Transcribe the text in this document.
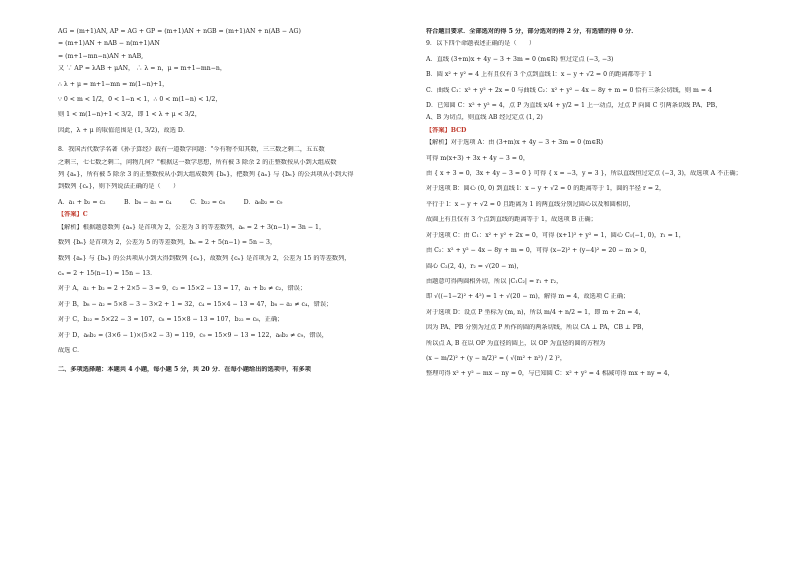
AG = (m+1)AN, AP = AG + GP = (m+1)AN + nGB = (m+1)AN + n(AB − AG)
= (m+1)AN + nAB − n(m+1)AN
= (m+1−mn−n)AN + nAB,
又 ∵ AP = λAB + μAN， ∴ λ = n，μ = m+1−mn−n，
∴ λ + μ = m+1−mn = m(1−n)+1，
∵ 0 < m < 1/2，0 < 1−n < 1，∴ 0 < m(1−n) < 1/2，
则 1 < m(1−n)+1 < 3/2，即 1 < λ + μ < 3/2，
因此，λ + μ 的取值范围是 (1, 3/2)，故选 D．
8．我国古代数学名著《孙子算经》载有一道数学问题："今有物不知其数，三三数之剩二，五五数
之剩三，七七数之剩二，问物几何？"根据这一数学思想，所有被 3 除余 2 的正整数按从小到大组成数
列 {aₙ}，所有被 5 除余 3 的正整数按从小到大组成数列 {bₙ}，把数列 {aₙ} 与 {bₙ} 的公共项从小到大得
到数列 {cₙ}，则下列说法正确的是（　　）
A．a₁ + b₂ = c₂　　　B．b₈ − a₂ = c₄　　　C．b₂₂ = c₈　　　D．a₆b₂ = c₉
【答案】C
【解析】根据题意数列 {aₙ} 是首项为 2，公差为 3 的等差数列，aₙ = 2 + 3(n−1) = 3n − 1，
数列 {bₙ} 是首项为 2，公差为 5 的等差数列，bₙ = 2 + 5(n−1) = 5n − 3，
数列 {aₙ} 与 {bₙ} 的公共项从小到大得到数列 {cₙ}，故数列 {cₙ} 是首项为 2，公差为 15 的等差数列，
cₙ = 2 + 15(n−1) = 15n − 13．
对于 A，a₁ + b₂ = 2 + 2×5 − 3 = 9，c₂ = 15×2 − 13 = 17，a₁ + b₂ ≠ c₂，错误；
对于 B，b₈ − a₂ = 5×8 − 3 − 3×2 + 1 = 32，c₄ = 15×4 − 13 = 47，b₈ − a₂ ≠ c₄，错误；
对于 C，b₂₂ = 5×22 − 3 = 107，c₈ = 15×8 − 13 = 107，b₂₂ = c₈，正确；
对于 D，a₆b₂ = (3×6 − 1)×(5×2 − 3) = 119，c₉ = 15×9 − 13 = 122，a₆b₂ ≠ c₉，错误，
故选 C．
二、多项选择题：本题共 4 小题，每小题 5 分，共 20 分．在每小题给出的选项中，有多项
符合题目要求．全部选对的得 5 分，部分选对的得 2 分，有选错的得 0 分．
9．以下四个命题表述正确的是（　　）
A．直线 (3+m)x + 4y − 3 + 3m = 0 (m∈R) 恒过定点 (−3, −3)
B．圆 x² + y² = 4 上有且仅有 3 个点到直线 l：x − y + √2 = 0 的距离都等于 1
C．曲线 C₁：x² + y² + 2x = 0 与曲线 C₂：x² + y² − 4x − 8y + m = 0 恰有三条公切线，则 m = 4
D．已知圆 C：x² + y² = 4，点 P 为直线 x/4 + y/2 = 1 上一动点，过点 P 向圆 C 引两条切线 PA、PB，
A、B 为切点，则直线 AB 经过定点 (1, 2)
【答案】BCD
【解析】对于选项 A：由 (3+m)x + 4y − 3 + 3m = 0 (m∈R)
可得 m(x+3) + 3x + 4y − 3 = 0，
由 { x + 3 = 0，3x + 4y − 3 = 0 } 可得 { x = −3，y = 3 }，所以直线恒过定点 (−3, 3)，故选项 A 不正确；
对于选项 B：圆心 (0, 0) 到直线 l：x − y + √2 = 0 的距离等于 1，圆的半径 r = 2，
平行于 l：x − y + √2 = 0 且距离为 1 的两直线分别过圆心以及和圆相切，
故圆上有且仅有 3 个点到直线的距离等于 1，故选项 B 正确；
对于选项 C：由 C₁：x² + y² + 2x = 0，可得 (x+1)² + y² = 1，圆心 C₁(−1, 0)，r₁ = 1，
由 C₂：x² + y² − 4x − 8y + m = 0，可得 (x−2)² + (y−4)² = 20 − m > 0，
圆心 C₂(2, 4)，r₂ = √(20 − m)，
由题意可得两圆相外切，所以 |C₁C₂| = r₁ + r₂，
即 √((−1−2)² + 4²) = 1 + √(20 − m)，解得 m = 4，故选项 C 正确；
对于选项 D：设点 P 坐标为 (m, n)，所以 m/4 + n/2 = 1，即 m + 2n = 4，
因为 PA、PB 分别为过点 P 所作的圆的两条切线，所以 CA ⊥ PA，CB ⊥ PB，
所以点 A, B 在以 OP 为直径的圆上，以 OP 为直径的圆的方程为
(x − m/2)² + (y − n/2)² = ( √(m² + n²) / 2 )²，
整理可得 x² + y² − mx − ny = 0，与已知圆 C：x² + y² = 4 相减可得 mx + ny = 4，
